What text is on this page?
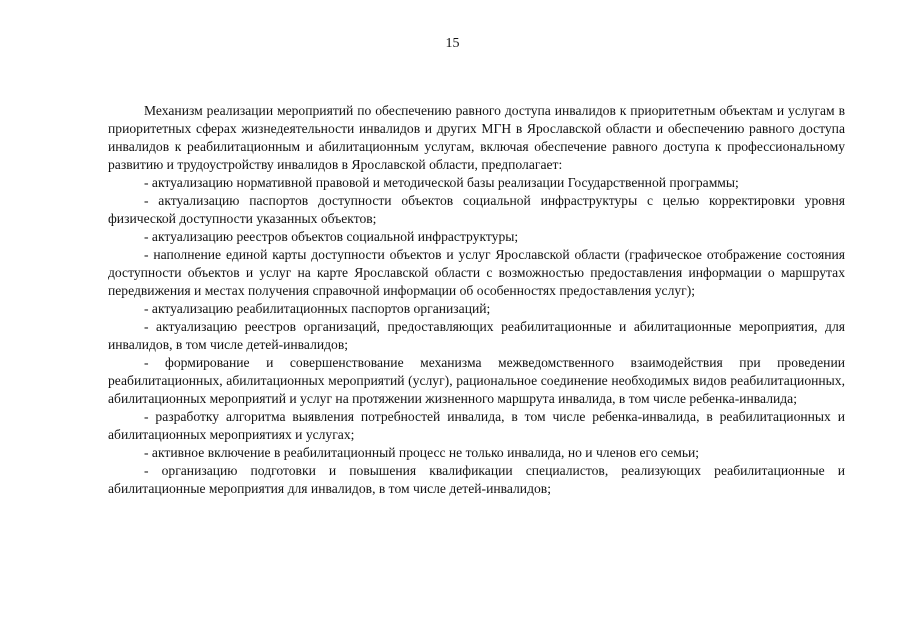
15

Механизм реализации мероприятий по обеспечению равного доступа инвалидов к приоритетным объектам и услугам в приоритетных сферах жизнедеятельности инвалидов и других МГН в Ярославской области и обеспечению равного доступа инвалидов к реабилитационным и абилитационным услугам, включая обеспечение равного доступа к профессиональному развитию и трудоустройству инвалидов в Ярославской области, предполагает:

- актуализацию нормативной правовой и методической базы реализации Государственной программы;

- актуализацию паспортов доступности объектов социальной инфраструктуры с целью корректировки уровня физической доступности указанных объектов;

- актуализацию реестров объектов социальной инфраструктуры;

- наполнение единой карты доступности объектов и услуг Ярославской области (графическое отображение состояния доступности объектов и услуг на карте Ярославской области с возможностью предоставления информации о маршрутах передвижения и местах получения справочной информации об особенностях предоставления услуг);

- актуализацию реабилитационных паспортов организаций;

- актуализацию реестров организаций, предоставляющих реабилитационные и абилитационные мероприятия, для инвалидов, в том числе детей-инвалидов;

- формирование и совершенствование механизма межведомственного взаимодействия при проведении реабилитационных, абилитационных мероприятий (услуг), рациональное соединение необходимых видов реабилитационных, абилитационных мероприятий и услуг на протяжении жизненного маршрута инвалида, в том числе ребенка-инвалида;

- разработку алгоритма выявления потребностей инвалида, в том числе ребенка-инвалида, в реабилитационных и абилитационных мероприятиях и услугах;

- активное включение в реабилитационный процесс не только инвалида, но и членов его семьи;

- организацию подготовки и повышения квалификации специалистов, реализующих реабилитационные и абилитационные мероприятия для инвалидов, в том числе детей-инвалидов;
